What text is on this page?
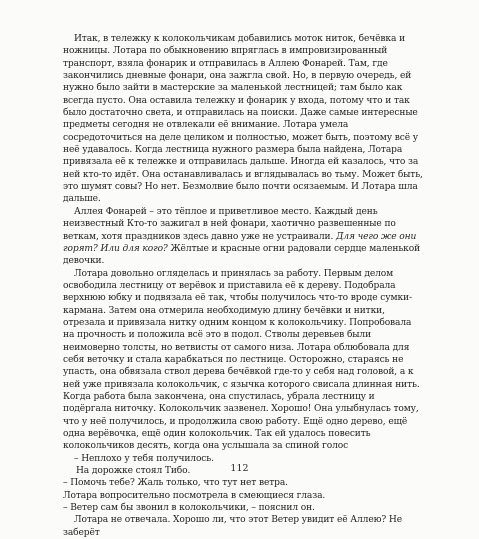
Итак, в тележку к колокольчикам добавились моток ниток, бечёвка и ножницы. Лотара по обыкновению впряглась в импровизированный транспорт, взяла фонарик и отправилась в Аллею Фонарей. Там, где закончились дневные фонари, она зажгла свой. Но, в первую очередь, ей нужно было зайти в мастерские за маленькой лестницей; там было как всегда пусто. Она оставила тележку и фонарик у входа, потому что и так было достаточно света, и отправилась на поиски. Даже самые интересные предметы сегодня не отвлекали её внимание. Лотара умела сосредоточиться на деле целиком и полностью, может быть, поэтому всё у неё удавалось. Когда лестница нужного размера была найдена, Лотара привязала её к тележке и отправилась дальше. Иногда ей казалось, что за ней кто-то идёт. Она останавливалась и вглядывалась во тьму. Может быть, это шумят совы? Но нет. Безмолвие было почти осязаемым. И Лотара шла дальше.

Аллея Фонарей – это тёплое и приветливое место. Каждый день неизвестный Кто-то зажигал в ней фонари, хаотично развешенные по веткам, хотя праздников здесь давно уже не устраивали. Для чего же они горят? Или для кого? Жёлтые и красные огни радовали сердце маленькой девочки.

Лотара довольно огляделась и принялась за работу. Первым делом освободила лестницу от верёвок и приставила её к дереву. Подобрала верхнюю юбку и подвязала её так, чтобы получилось что-то вроде сумки-кармана. Затем она отмерила необходимую длину бечёвки и нитки, отрезала и привязала нитку одним концом к колокольчику. Попробовала на прочность и положила всё это в подол. Стволы деревьев были неимоверно толсты, но ветвисты от самого низа. Лотара облюбовала для себя веточку и стала карабкаться по лестнице. Осторожно, стараясь не упасть, она обвязала ствол дерева бечёвкой где-то у себя над головой, а к ней уже привязала колокольчик, с язычка которого свисала длинная нить. Когда работа была закончена, она спустилась, убрала лестницу и подёргала ниточку. Колокольчик зазвенел. Хорошо! Она улыбнулась тому, что у неё получилось, и продолжила свою работу. Ещё одно дерево, ещё одна верёвочка, ещё один колокольчик. Так ей удалось повесить колокольчиков десять, когда она услышала за спиной голос

– Неплохо у тебя получилось.

На дорожке стоял Тибо.

– Помочь тебе? Жаль только, что тут нет ветра.

Лотара вопросительно посмотрела в смеющиеся глаза.

– Ветер сам бы звонил в колокольчики, – пояснил он.

Лотара не отвечала. Хорошо ли, что этот Ветер увидит её Аллею? Не заберёт

112
